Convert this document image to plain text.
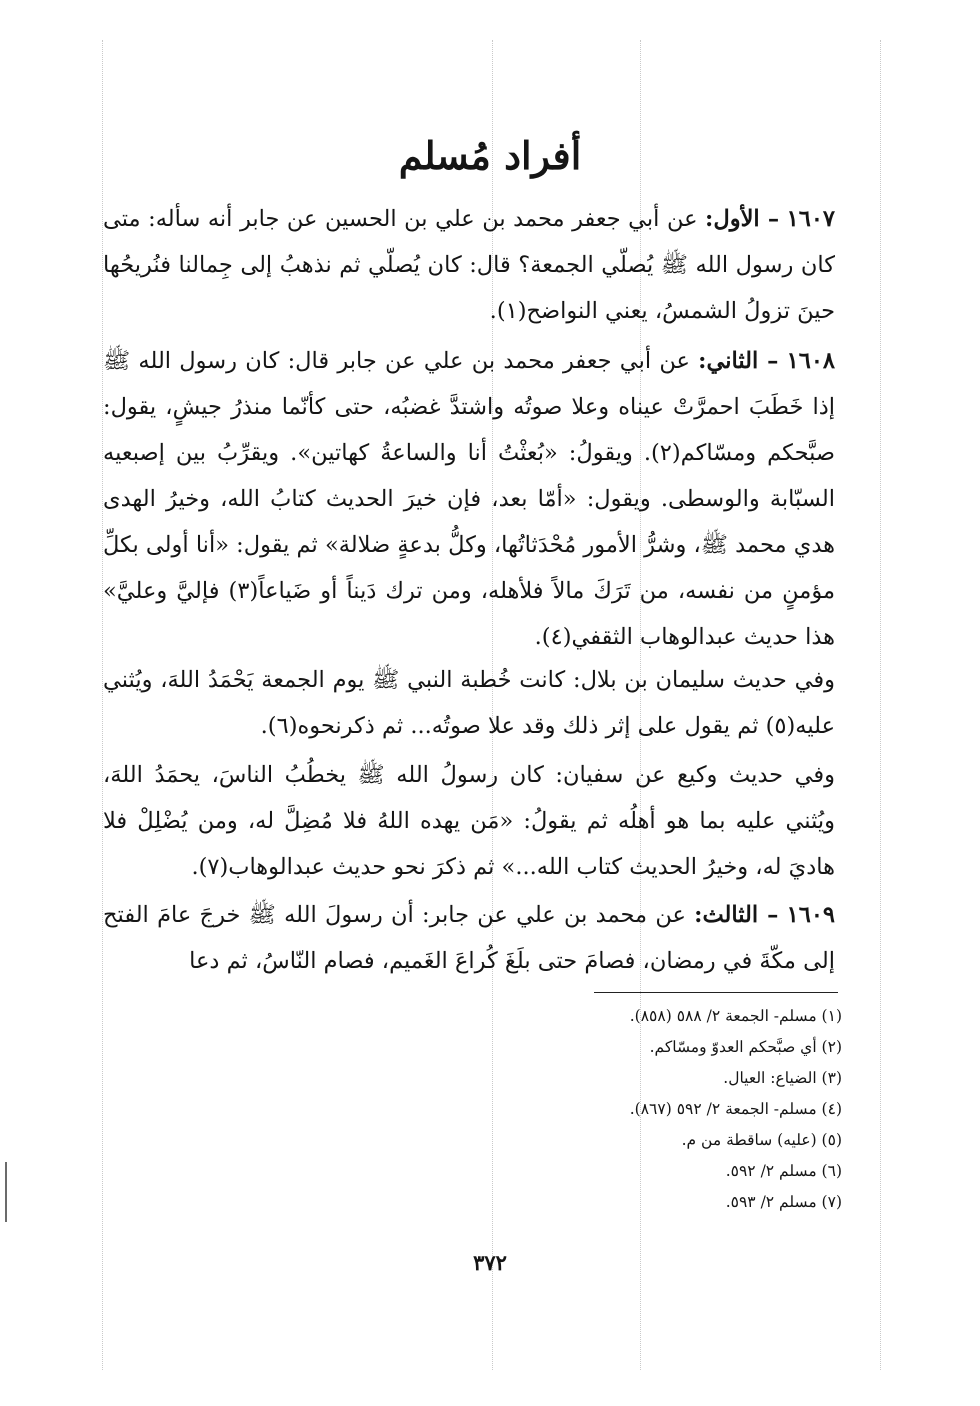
أفراد مُسلم

١٦٠٧ – الأول: عن أبي جعفر محمد بن علي بن الحسين عن جابر أنه سأله: متى كان رسول الله ﷺ يُصلّي الجمعة؟ قال: كان يُصلّي ثم نذهبُ إلى جِمالنا فنُريحُها حينَ تزولُ الشمسُ، يعني النواضح(١).

١٦٠٨ – الثاني: عن أبي جعفر محمد بن علي عن جابر قال: كان رسول الله ﷺ إذا خَطَبَ احمرَّتْ عيناه وعلا صوتُه واشتدَّ غضبُه، حتى كأنّما منذرُ جيشٍ، يقول: صبَّحكم ومسّاكم(٢). ويقولُ: «بُعثْتُ أنا والساعةُ كهاتين». ويقرِّبُ بين إصبعيه السبّابة والوسطى. ويقول: «أمّا بعد، فإن خيرَ الحديث كتابُ الله، وخيرُ الهدى هدي محمد ﷺ، وشرُّ الأمور مُحْدَثاتُها، وكلُّ بدعةٍ ضلالة» ثم يقول: «أنا أولى بكلِّ مؤمنٍ من نفسه، من تَرَكَ مالاً فلأهله، ومن ترك دَيناً أو ضَياعاً(٣) فإليَّ وعليَّ» هذا حديث عبدالوهاب الثقفي(٤).

وفي حديث سليمان بن بلال: كانت خُطبة النبي ﷺ يوم الجمعة يَحْمَدُ اللهَ، ويُثني عليه(٥) ثم يقول على إثر ذلك وقد علا صوتُه... ثم ذكرنحوه(٦).

وفي حديث وكيع عن سفيان: كان رسولُ الله ﷺ يخطُبُ الناسَ، يحمَدُ اللهَ، ويُثني عليه بما هو أهلُه ثم يقولُ: «مَن يهده اللهُ فلا مُضِلَّ له، ومن يُضْلِلْ فلا هاديَ له، وخيرُ الحديث كتاب الله...» ثم ذكرَ نحو حديث عبدالوهاب(٧).

١٦٠٩ – الثالث: عن محمد بن علي عن جابر: أن رسولَ الله ﷺ خرجَ عامَ الفتح إلى مكّةَ في رمضان، فصامَ حتى بلَغَ كُراعَ الغَميم، فصام النّاسُ، ثم دعا

(١) مسلم- الجمعة ٢/ ٥٨٨ (٨٥٨).
(٢) أي صبَّحكم العدوّ ومسّاكم.
(٣) الضياع: العيال.
(٤) مسلم- الجمعة ٢/ ٥٩٢ (٨٦٧).
(٥) (عليه) ساقطة من م.
(٦) مسلم ٢/ ٥٩٢.
(٧) مسلم ٢/ ٥٩٣.
٣٧٢
